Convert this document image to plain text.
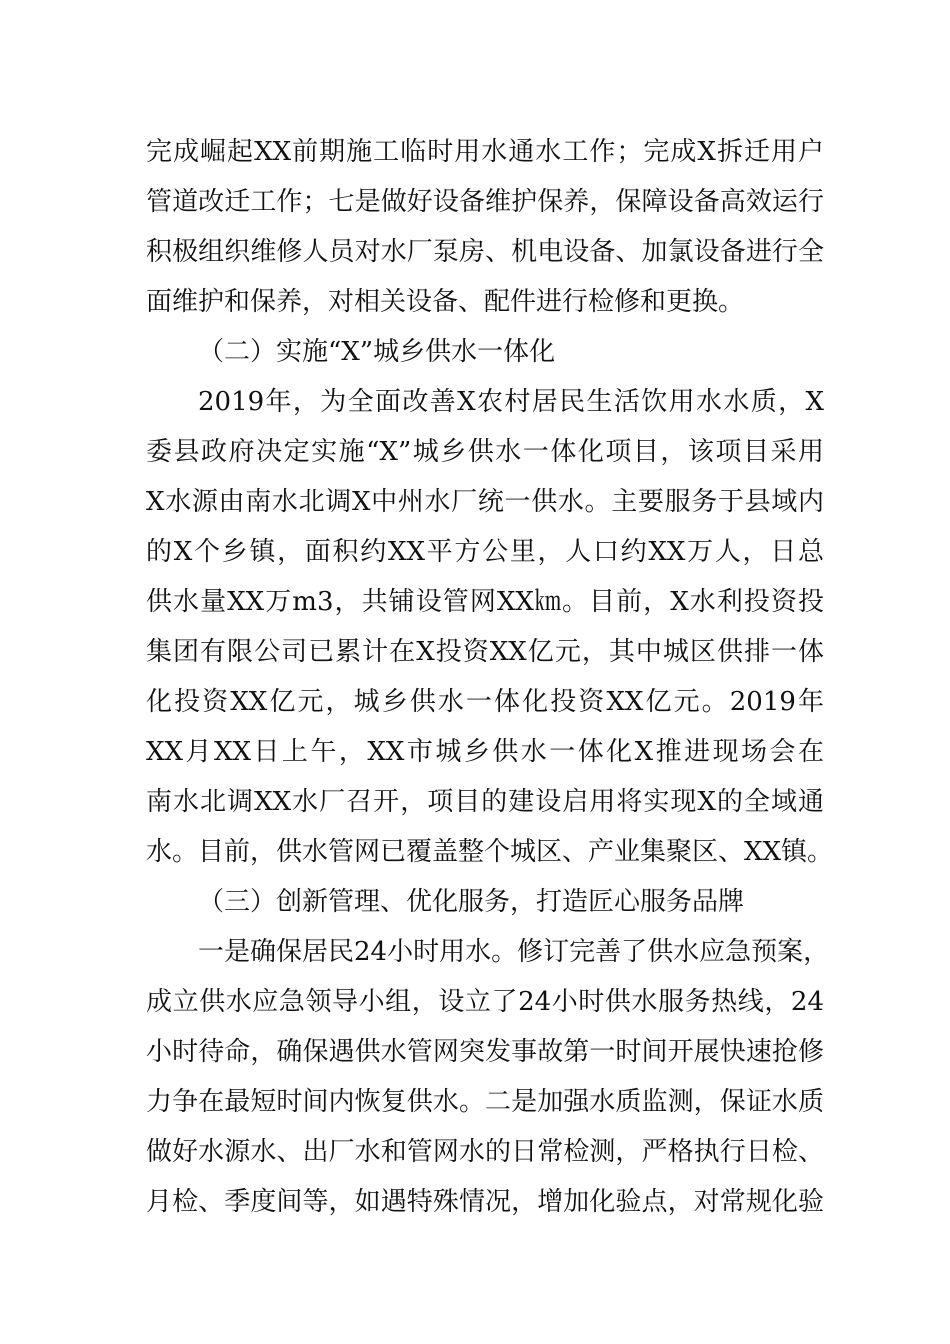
完成崛起XX前期施工临时用水通水工作；完成X拆迁用户
管道改迁工作；七是做好设备维护保养，保障设备高效运行
积极组织维修人员对水厂泵房、机电设备、加氯设备进行全
面维护和保养，对相关设备、配件进行检修和更换。
（二）实施“X”城乡供水一体化
2019年，为全面改善X农村居民生活饮用水水质，X
委县政府决定实施“X”城乡供水一体化项目，该项目采用
X水源由南水北调X中州水厂统一供水。主要服务于县域内
的X个乡镇，面积约XX平方公里，人口约XX万人，日总
供水量XX万m3，共铺设管网XX㎞。目前，X水利投资投
集团有限公司已累计在X投资XX亿元，其中城区供排一体
化投资XX亿元，城乡供水一体化投资XX亿元。2019年
XX月XX日上午，XX市城乡供水一体化X推进现场会在
南水北调XX水厂召开，项目的建设启用将实现X的全域通
水。目前，供水管网已覆盖整个城区、产业集聚区、XX镇。
（三）创新管理、优化服务，打造匠心服务品牌
一是确保居民24小时用水。修订完善了供水应急预案，
成立供水应急领导小组，设立了24小时供水服务热线，24
小时待命，确保遇供水管网突发事故第一时间开展快速抢修
力争在最短时间内恢复供水。二是加强水质监测，保证水质
做好水源水、出厂水和管网水的日常检测，严格执行日检、
月检、季度间等，如遇特殊情况，增加化验点，对常规化验
